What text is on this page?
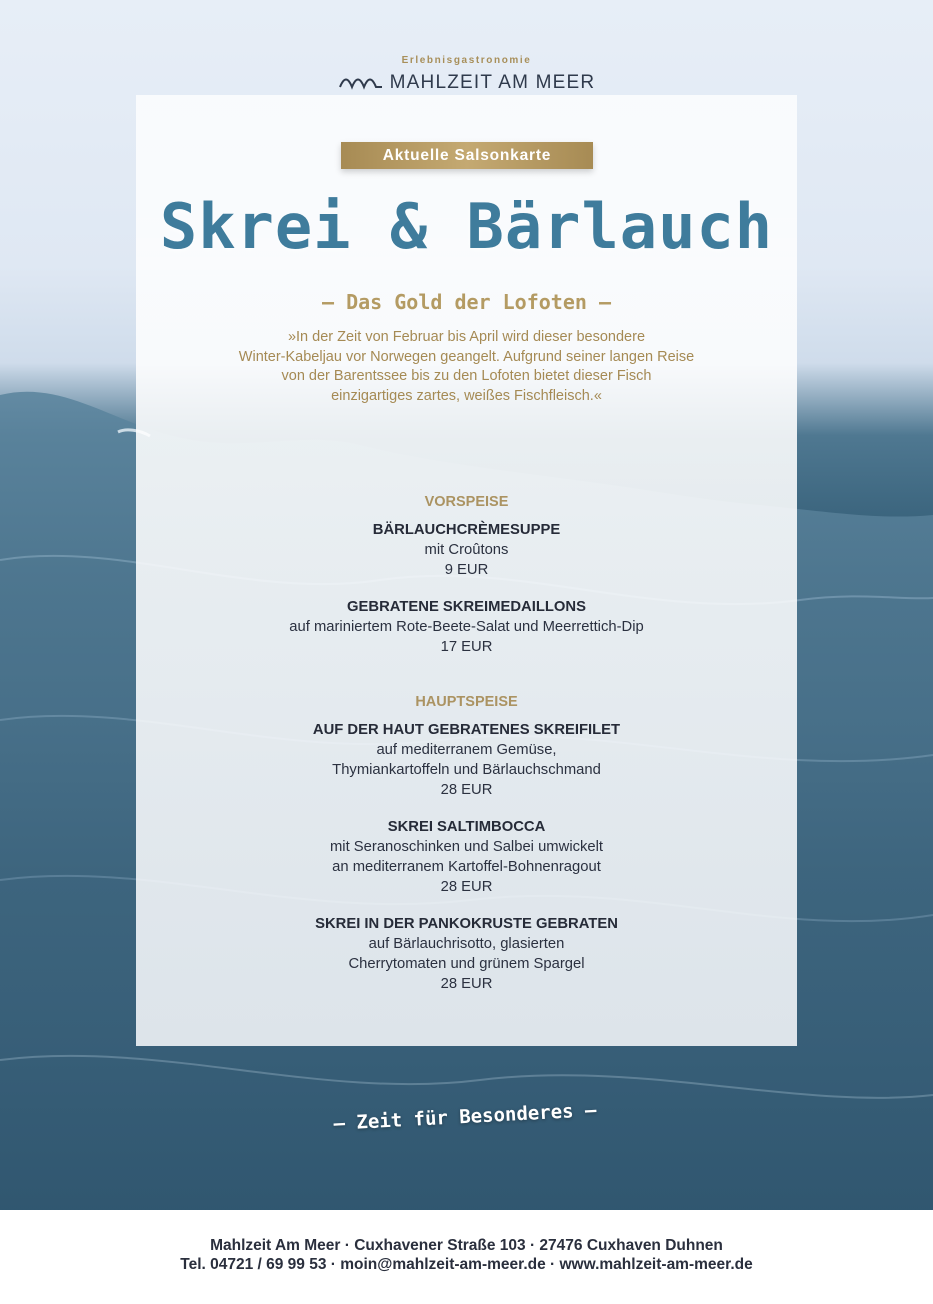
Erlebnisgastronomie
MAHLZEIT AM MEER
Aktuelle Salsonkarte
Skrei & Bärlauch
– Das Gold der Lofoten –
»In der Zeit von Februar bis April wird dieser besondere
Winter-Kabeljau vor Norwegen geangelt. Aufgrund seiner langen Reise
von der Barentssee bis zu den Lofoten bietet dieser Fisch
einzigartiges zartes, weißes Fischfleisch.«
VORSPEISE
BÄRLAUCHCRÈMESUPPE
mit Croûtons
9 EUR
GEBRATENE SKREIMEDAILLONS
auf mariniertem Rote-Beete-Salat und Meerrettich-Dip
17 EUR
HAUPTSPEISE
AUF DER HAUT GEBRATENES SKREIFILET
auf mediterranem Gemüse,
Thymiankartoffeln und Bärlauchschmand
28 EUR
SKREI SALTIMBOCCA
mit Seranoschinken und Salbei umwickelt
an mediterranem Kartoffel-Bohnenragout
28 EUR
SKREI IN DER PANKOKRUSTE GEBRATEN
auf Bärlauchrisotto, glasierten
Cherrytomaten und grünem Spargel
28 EUR
– Zeit für Besonderes –
Mahlzeit Am Meer · Cuxhavener Straße 103 · 27476 Cuxhaven Duhnen
Tel. 04721 / 69 99 53 · moin@mahlzeit-am-meer.de · www.mahlzeit-am-meer.de
